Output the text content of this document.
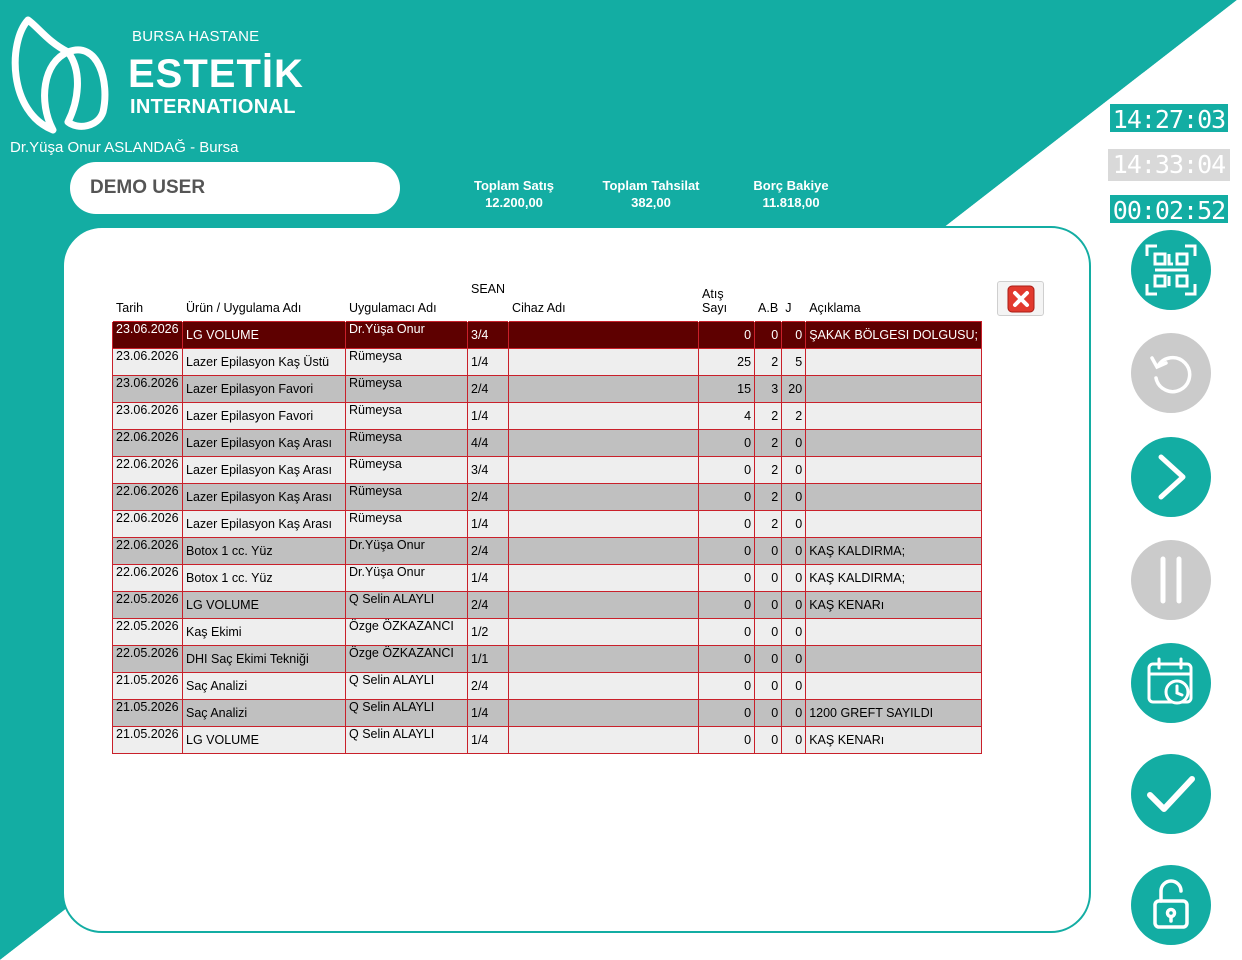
BURSA HASTANE
ESTETİK
INTERNATIONAL
Dr.Yüşa Onur ASLANDAĞ - Bursa
DEMO USER	Toplam Satış
12.200,00
Toplam Tahsilat
382,00
Borç Bakiye
11.818,00
14:27:03
14:33:04
00:02:52
Tarih	Ürün / Uygulama Adı	Uygulamacı Adı	SEAN	Cihaz Adı	Atış Sayı	A.B	J	Açıklama
23.06.2026	LG VOLUME	Dr.Yüşa Onur	3/4		0	0	0	ŞAKAK BÖLGESI DOLGUSU;
23.06.2026	Lazer Epilasyon Kaş Üstü	Rümeysa	1/4		25	2	5	
23.06.2026	Lazer Epilasyon Favori	Rümeysa	2/4		15	3	20	
23.06.2026	Lazer Epilasyon Favori	Rümeysa	1/4		4	2	2	
22.06.2026	Lazer Epilasyon Kaş Arası	Rümeysa	4/4		0	2	0	
22.06.2026	Lazer Epilasyon Kaş Arası	Rümeysa	3/4		0	2	0	
22.06.2026	Lazer Epilasyon Kaş Arası	Rümeysa	2/4		0	2	0	
22.06.2026	Lazer Epilasyon Kaş Arası	Rümeysa	1/4		0	2	0	
22.06.2026	Botox 1 cc. Yüz	Dr.Yüşa Onur	2/4		0	0	0	KAŞ KALDIRMA;
22.06.2026	Botox 1 cc. Yüz	Dr.Yüşa Onur	1/4		0	0	0	KAŞ KALDIRMA;
22.05.2026	LG VOLUME	Q Selin ALAYLI	2/4		0	0	0	KAŞ KENARı
22.05.2026	Kaş Ekimi	Özge ÖZKAZANCI	1/2		0	0	0	
22.05.2026	DHI Saç Ekimi Tekniği	Özge ÖZKAZANCI	1/1		0	0	0	
21.05.2026	Saç Analizi	Q Selin ALAYLI	2/4		0	0	0	
21.05.2026	Saç Analizi	Q Selin ALAYLI	1/4		0	0	0	1200 GREFT SAYILDI
21.05.2026	LG VOLUME	Q Selin ALAYLI	1/4		0	0	0	KAŞ KENARı
